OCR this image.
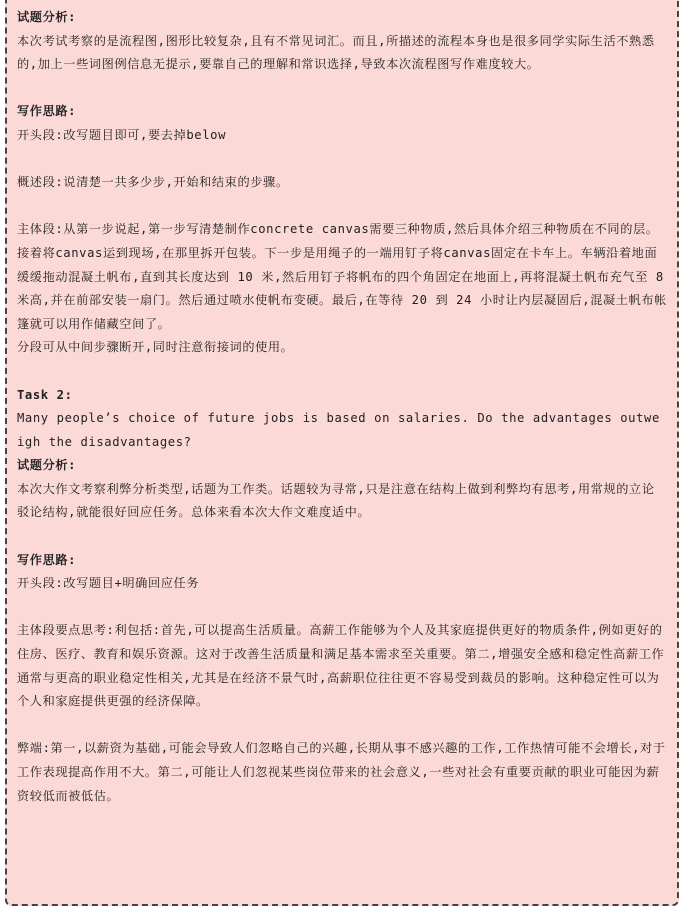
试题分析:
本次考试考察的是流程图,图形比较复杂,且有不常见词汇。而且,所描述的流程本身也是很多同学实际生活不熟悉的,加上一些词图例信息无提示,要靠自己的理解和常识选择,导致本次流程图写作难度较大。
写作思路:
开头段:改写题目即可,要去掉below
概述段:说清楚一共多少步,开始和结束的步骤。
主体段:从第一步说起,第一步写清楚制作concrete canvas需要三种物质,然后具体介绍三种物质在不同的层。接着将canvas运到现场,在那里拆开包装。下一步是用绳子的一端用钉子将canvas固定在卡车上。车辆沿着地面缓缓拖动混凝土帆布,直到其长度达到 10 米,然后用钉子将帆布的四个角固定在地面上,再将混凝土帆布充气至 8 米高,并在前部安装一扇门。然后通过喷水使帆布变硬。最后,在等待 20 到 24 小时让内层凝固后,混凝土帆布帐篷就可以用作储藏空间了。
分段可从中间步骤断开,同时注意衔接词的使用。
Task 2:
Many people’s choice of future jobs is based on salaries. Do the advantages outweigh the disadvantages?
试题分析:
本次大作文考察利弊分析类型,话题为工作类。话题较为寻常,只是注意在结构上做到利弊均有思考,用常规的立论驳论结构,就能很好回应任务。总体来看本次大作文难度适中。
写作思路:
开头段:改写题目+明确回应任务
主体段要点思考:利包括:首先,可以提高生活质量。高薪工作能够为个人及其家庭提供更好的物质条件,例如更好的住房、医疗、教育和娱乐资源。这对于改善生活质量和满足基本需求至关重要。第二,增强安全感和稳定性高薪工作通常与更高的职业稳定性相关,尤其是在经济不景气时,高薪职位往往更不容易受到裁员的影响。这种稳定性可以为个人和家庭提供更强的经济保障。
弊端:第一,以薪资为基础,可能会导致人们忽略自己的兴趣,长期从事不感兴趣的工作,工作热情可能不会增长,对于工作表现提高作用不大。第二,可能让人们忽视某些岗位带来的社会意义,一些对社会有重要贡献的职业可能因为薪资较低而被低估。
